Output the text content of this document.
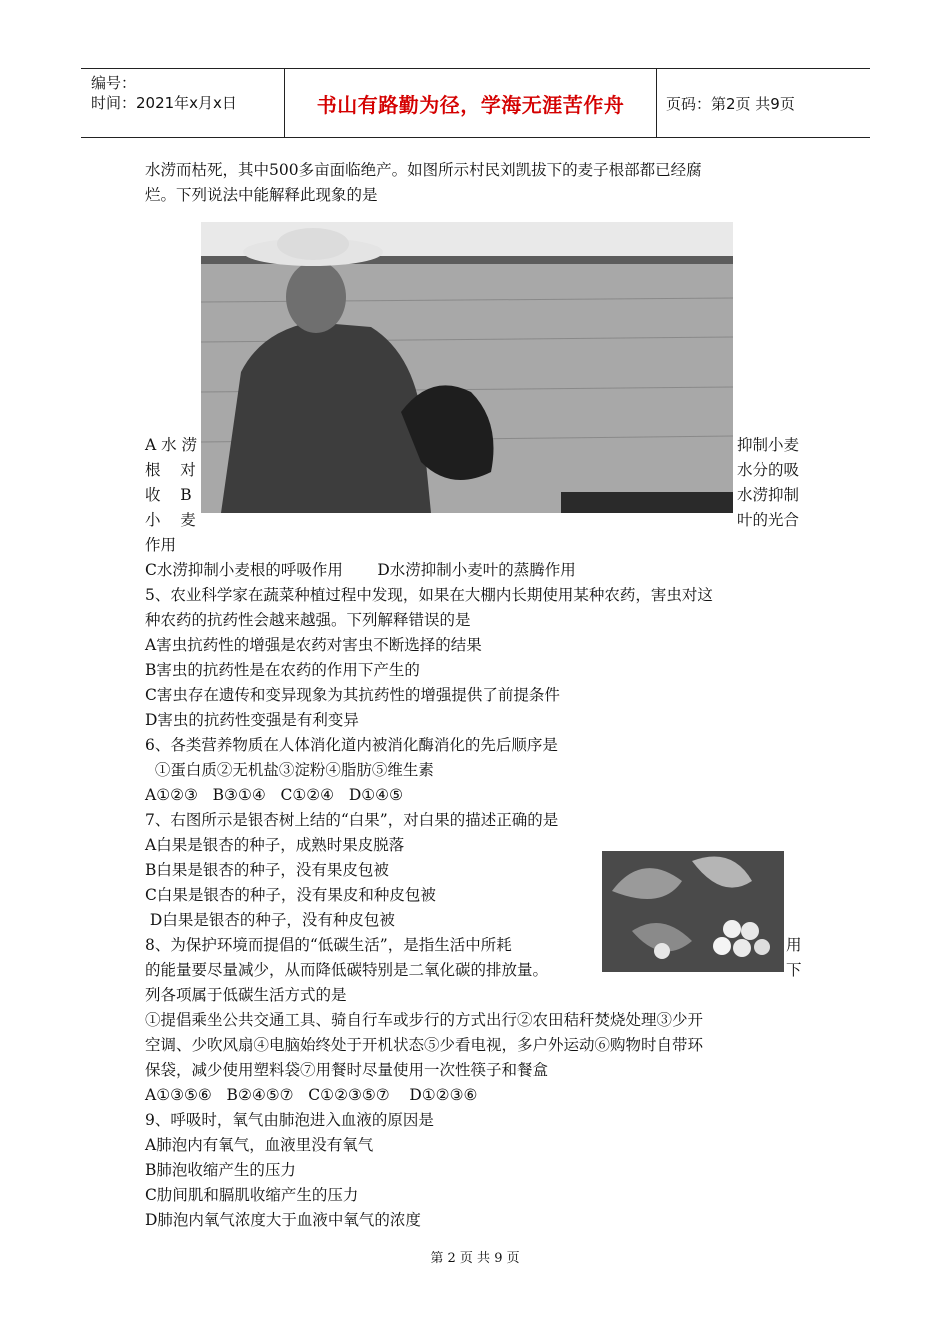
编号：
时间：2021年x月x日	书山有路勤为径，学海无涯苦作舟	页码：第2页 共9页
水涝而枯死，其中500多亩面临绝产。如图所示村民刘凯拔下的麦子根部都已经腐
烂。下列说法中能解释此现象的是
A 水 涝	抑制小麦
根    对	水分的吸
收    B	水涝抑制
小    麦	叶的光合
作用
C水涝抑制小麦根的呼吸作用       D水涝抑制小麦叶的蒸腾作用
5、农业科学家在蔬菜种植过程中发现，如果在大棚内长期使用某种农药，害虫对这
种农药的抗药性会越来越强。下列解释错误的是
A害虫抗药性的增强是农药对害虫不断选择的结果
B害虫的抗药性是在农药的作用下产生的
C害虫存在遗传和变异现象为其抗药性的增强提供了前提条件
D害虫的抗药性变强是有利变异
6、各类营养物质在人体消化道内被消化酶消化的先后顺序是
①蛋白质②无机盐③淀粉④脂肪⑤维生素
A①②③   B③①④   C①②④   D①④⑤
7、右图所示是银杏树上结的“白果”，对白果的描述正确的是
A白果是银杏的种子，成熟时果皮脱落
B白果是银杏的种子，没有果皮包被
C白果是银杏的种子，没有果皮和种皮包被
D白果是银杏的种子，没有种皮包被
8、为保护环境而提倡的“低碳生活”，是指生活中所耗	用
的能量要尽量减少，从而降低碳特别是二氧化碳的排放量。	下
列各项属于低碳生活方式的是
①提倡乘坐公共交通工具、骑自行车或步行的方式出行②农田秸秆焚烧处理③少开
空调、少吹风扇④电脑始终处于开机状态⑤少看电视，多户外运动⑥购物时自带环
保袋，减少使用塑料袋⑦用餐时尽量使用一次性筷子和餐盒
A①③⑤⑥   B②④⑤⑦   C①②③⑤⑦    D①②③⑥
9、呼吸时，氧气由肺泡进入血液的原因是
A肺泡内有氧气，血液里没有氧气
B肺泡收缩产生的压力
C肋间肌和膈肌收缩产生的压力
D肺泡内氧气浓度大于血液中氧气的浓度
第 2 页 共 9 页
